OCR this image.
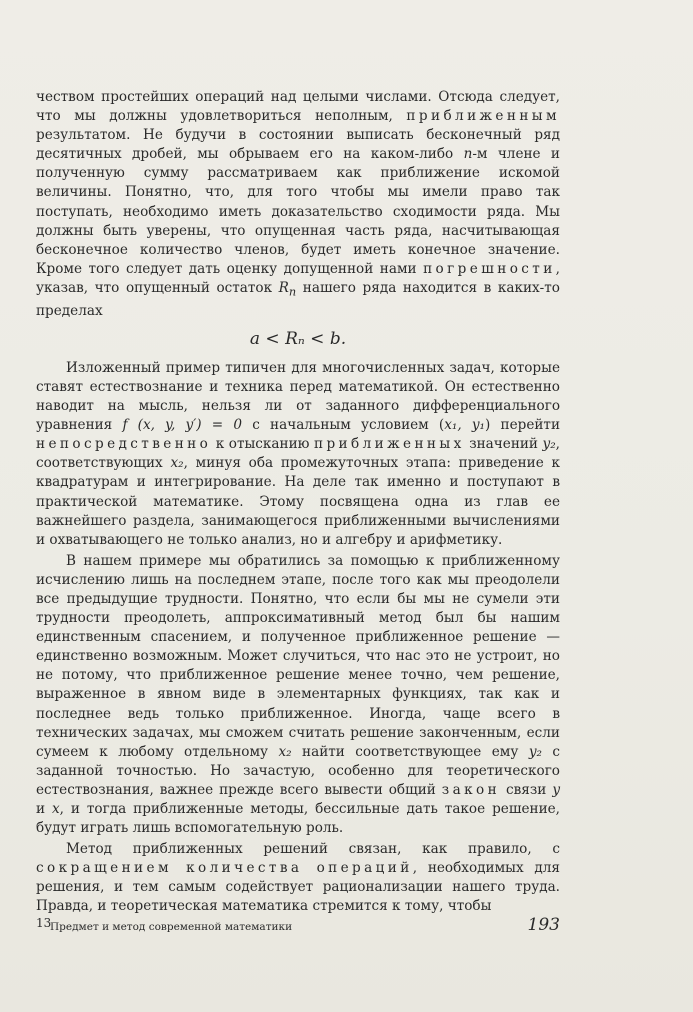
чеством простейших операций над целыми числами. Отсюда следует, что мы должны удовлетвориться неполным, приближенным результатом. Не будучи в состоянии выписать бесконечный ряд десятичных дробей, мы обрываем его на каком-либо n-м члене и полученную сумму рассматриваем как приближение искомой величины. Понятно, что, для того чтобы мы имели право так поступать, необходимо иметь доказательство сходимости ряда. Мы должны быть уверены, что опущенная часть ряда, насчитывающая бесконечное количество членов, будет иметь конечное значение. Кроме того следует дать оценку допущенной нами погрешности, указав, что опущенный остаток $R_n$ нашего ряда находится в каких-то пределах

a < Rₙ < b.

Изложенный пример типичен для многочисленных задач, которые ставят естествознание и техника перед математикой. Он естественно наводит на мысль, нельзя ли от заданного дифференциального уравнения f (x, y, y′) = 0 с начальным условием (x₁, y₁) перейти непосредственно к отысканию приближенных значений y₂, соответствующих x₂, минуя оба промежуточных этапа: приведение к квадратурам и интегрирование. На деле так именно и поступают в практической математике. Этому посвящена одна из глав ее важнейшего раздела, занимающегося приближенными вычислениями и охватывающего не только анализ, но и алгебру и арифметику.

В нашем примере мы обратились за помощью к приближенному исчислению лишь на последнем этапе, после того как мы преодолели все предыдущие трудности. Понятно, что если бы мы не сумели эти трудности преодолеть, аппроксимативный метод был бы нашим единственным спасением, и полученное приближенное решение — единственно возможным. Может случиться, что нас это не устроит, но не потому, что приближенное решение менее точно, чем решение, выраженное в явном виде в элементарных функциях, так как и последнее ведь только приближенное. Иногда, чаще всего в технических задачах, мы сможем считать решение законченным, если сумеем к любому отдельному x₂ найти соответствующее ему y₂ с заданной точностью. Но зачастую, особенно для теоретического естествознания, важнее прежде всего вывести общий закон связи y и x, и тогда приближенные методы, бессильные дать такое решение, будут играть лишь вспомогательную роль.

Метод приближенных решений связан, как правило, с сокращением количества операций, необходимых для решения, и тем самым содействует рационализации нашего труда. Правда, и теоретическая математика стремится к тому, чтобы

13
Предмет и метод современной математики	193
